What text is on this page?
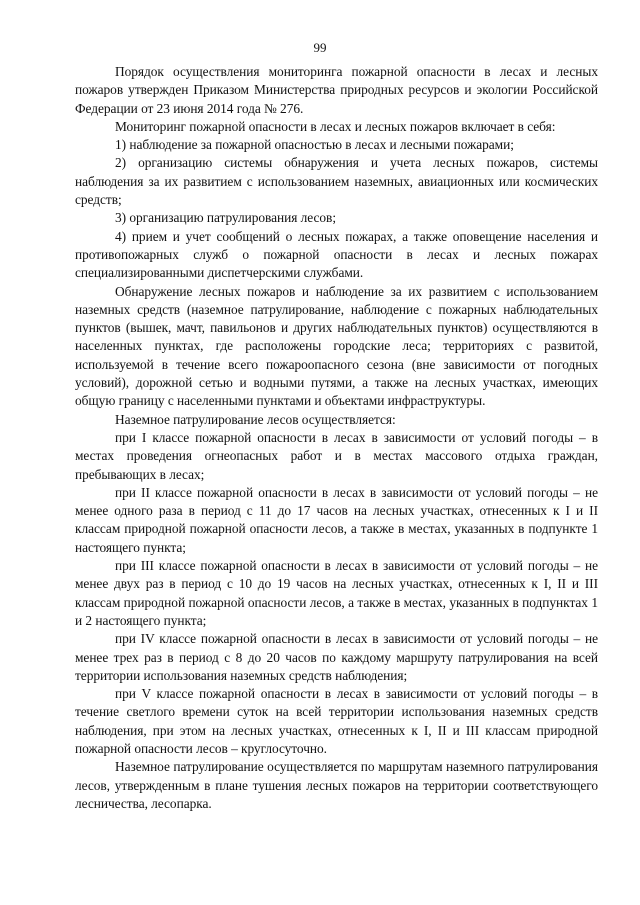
99

Порядок осуществления мониторинга пожарной опасности в лесах и лесных пожаров утвержден Приказом Министерства природных ресурсов и экологии Российской Федерации от 23 июня 2014 года № 276.

Мониторинг пожарной опасности в лесах и лесных пожаров включает в себя:

1) наблюдение за пожарной опасностью в лесах и лесными пожарами;

2) организацию системы обнаружения и учета лесных пожаров, системы наблюдения за их развитием с использованием наземных, авиационных или космических средств;

3) организацию патрулирования лесов;

4) прием и учет сообщений о лесных пожарах, а также оповещение населения и противопожарных служб о пожарной опасности в лесах и лесных пожарах специализированными диспетчерскими службами.

Обнаружение лесных пожаров и наблюдение за их развитием с использованием наземных средств (наземное патрулирование, наблюдение с пожарных наблюдательных пунктов (вышек, мачт, павильонов и других наблюдательных пунктов) осуществляются в населенных пунктах, где расположены городские леса; территориях с развитой, используемой в течение всего пожароопасного сезона (вне зависимости от погодных условий), дорожной сетью и водными путями, а также на лесных участках, имеющих общую границу с населенными пунктами и объектами инфраструктуры.

Наземное патрулирование лесов осуществляется:

при I классе пожарной опасности в лесах в зависимости от условий погоды – в местах проведения огнеопасных работ и в местах массового отдыха граждан, пребывающих в лесах;

при II классе пожарной опасности в лесах в зависимости от условий погоды – не менее одного раза в период с 11 до 17 часов на лесных участках, отнесенных к I и II классам природной пожарной опасности лесов, а также в местах, указанных в подпункте 1 настоящего пункта;

при III классе пожарной опасности в лесах в зависимости от условий погоды – не менее двух раз в период с 10 до 19 часов на лесных участках, отнесенных к I, II и III классам природной пожарной опасности лесов, а также в местах, указанных в подпунктах 1 и 2 настоящего пункта;

при IV классе пожарной опасности в лесах в зависимости от условий погоды – не менее трех раз в период с 8 до 20 часов по каждому маршруту патрулирования на всей территории использования наземных средств наблюдения;

при V классе пожарной опасности в лесах в зависимости от условий погоды – в течение светлого времени суток на всей территории использования наземных средств наблюдения, при этом на лесных участках, отнесенных к I, II и III классам природной пожарной опасности лесов – круглосуточно.

Наземное патрулирование осуществляется по маршрутам наземного патрулирования лесов, утвержденным в плане тушения лесных пожаров на территории соответствующего лесничества, лесопарка.
